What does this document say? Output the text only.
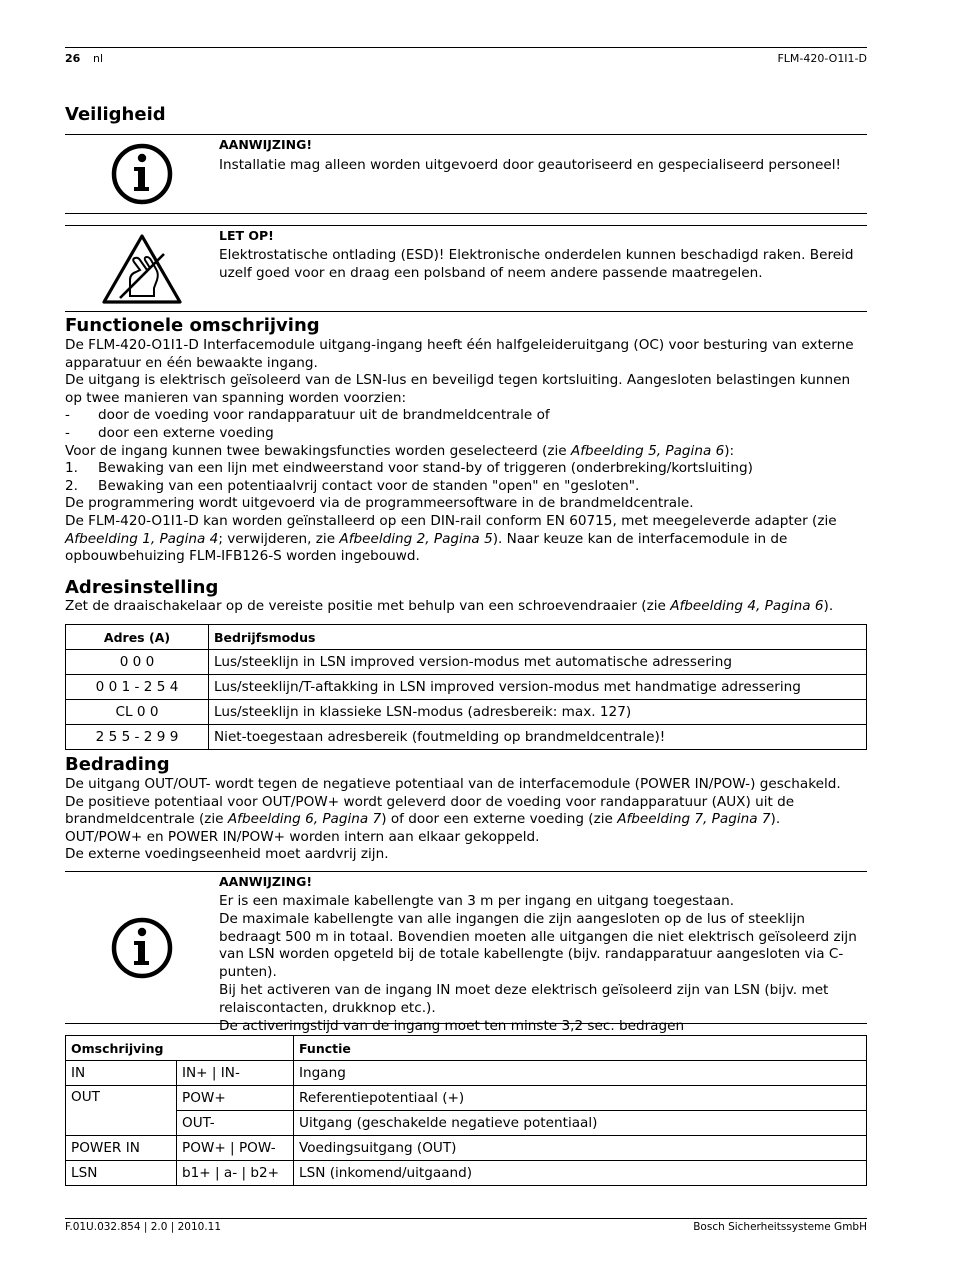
26 nl	FLM-420-O1I1-D
Veiligheid
AANWIJZING!
Installatie mag alleen worden uitgevoerd door geautoriseerd en gespecialiseerd personeel!
LET OP!
Elektrostatische ontlading (ESD)! Elektronische onderdelen kunnen beschadigd raken. Bereid uzelf goed voor en draag een polsband of neem andere passende maatregelen.
Functionele omschrijving

De FLM-420-O1I1-D Interfacemodule uitgang-ingang heeft één halfgeleideruitgang (OC) voor besturing van externe apparatuur en één bewaakte ingang.

De uitgang is elektrisch geïsoleerd van de LSN-lus en beveiligd tegen kortsluiting. Aangesloten belastingen kunnen op twee manieren van spanning worden voorzien:

- door de voeding voor randapparatuur uit de brandmeldcentrale of

- door een externe voeding

Voor de ingang kunnen twee bewakingsfuncties worden geselecteerd (zie Afbeelding 5, Pagina 6):

1. Bewaking van een lijn met eindweerstand voor stand-by of triggeren (onderbreking/kortsluiting)

2. Bewaking van een potentiaalvrij contact voor de standen "open" en "gesloten".

De programmering wordt uitgevoerd via de programmeersoftware in de brandmeldcentrale.

De FLM-420-O1I1-D kan worden geïnstalleerd op een DIN-rail conform EN 60715, met meegeleverde adapter (zie Afbeelding 1, Pagina 4; verwijderen, zie Afbeelding 2, Pagina 5). Naar keuze kan de interfacemodule in de opbouwbehuizing FLM-IFB126-S worden ingebouwd.

Adresinstelling

Zet de draaischakelaar op de vereiste positie met behulp van een schroevendraaier (zie Afbeelding 4, Pagina 6).

Adres (A)	Bedrijfsmodus
0 0 0	Lus/steeklijn in LSN improved version-modus met automatische adressering
0 0 1 - 2 5 4	Lus/steeklijn/T-aftakking in LSN improved version-modus met handmatige adressering
CL 0 0	Lus/steeklijn in klassieke LSN-modus (adresbereik: max. 127)
2 5 5 - 2 9 9	Niet-toegestaan adresbereik (foutmelding op brandmeldcentrale)!
Bedrading

De uitgang OUT/OUT- wordt tegen de negatieve potentiaal van de interfacemodule (POWER IN/POW-) geschakeld.

De positieve potentiaal voor OUT/POW+ wordt geleverd door de voeding voor randapparatuur (AUX) uit de brandmeldcentrale (zie Afbeelding 6, Pagina 7) of door een externe voeding (zie Afbeelding 7, Pagina 7).

OUT/POW+ en POWER IN/POW+ worden intern aan elkaar gekoppeld.

De externe voedingseenheid moet aardvrij zijn.

AANWIJZING!
Er is een maximale kabellengte van 3 m per ingang en uitgang toegestaan.
De maximale kabellengte van alle ingangen die zijn aangesloten op de lus of steeklijn bedraagt 500 m in totaal. Bovendien moeten alle uitgangen die niet elektrisch geïsoleerd zijn van LSN worden opgeteld bij de totale kabellengte (bijv. randapparatuur aangesloten via C-punten).
Bij het activeren van de ingang IN moet deze elektrisch geïsoleerd zijn van LSN (bijv. met relaiscontacten, drukknop etc.).
De activeringstijd van de ingang moet ten minste 3,2 sec. bedragen
Omschrijving		Functie
IN	IN+ | IN-	Ingang
OUT	POW+	Referentiepotentiaal (+)
	OUT-	Uitgang (geschakelde negatieve potentiaal)
POWER IN	POW+ | POW-	Voedingsuitgang (OUT)
LSN	b1+ | a- | b2+	LSN (inkomend/uitgaand)
F.01U.032.854 | 2.0 | 2010.11	Bosch Sicherheitssysteme GmbH
